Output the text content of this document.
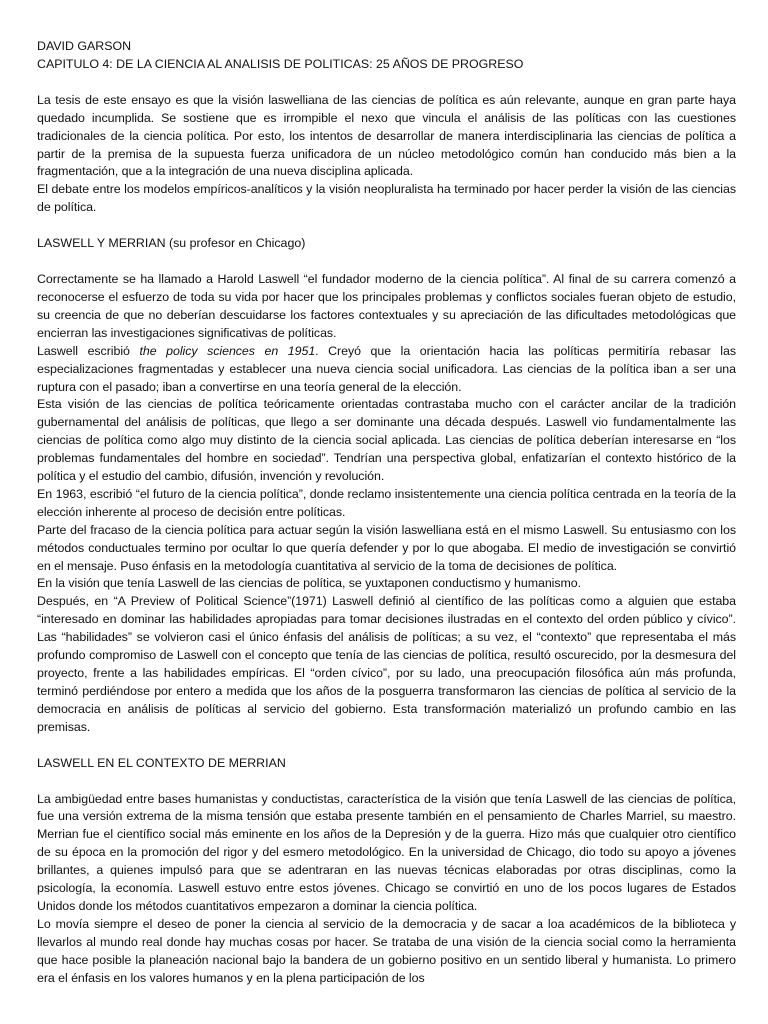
DAVID GARSON
CAPITULO 4: DE LA CIENCIA AL ANALISIS DE POLITICAS: 25 AÑOS DE PROGRESO

La tesis de este ensayo es que la visión laswelliana de las ciencias de política es aún relevante, aunque en gran parte haya quedado incumplida. Se sostiene que es irrompible el nexo que vincula el análisis de las políticas con las cuestiones tradicionales de la ciencia política. Por esto, los intentos de desarrollar de manera interdisciplinaria las ciencias de política a partir de la premisa de la supuesta fuerza unificadora de un núcleo metodológico común han conducido más bien a la fragmentación, que a la integración de una nueva disciplina aplicada.

El debate entre los modelos empíricos-analíticos y la visión neopluralista ha terminado por hacer perder la visión de las ciencias de política.

LASWELL Y MERRIAN (su profesor en Chicago)

Correctamente se ha llamado a Harold Laswell “el fundador moderno de la ciencia política”. Al final de su carrera comenzó a reconocerse el esfuerzo de toda su vida por hacer que los principales problemas y conflictos sociales fueran objeto de estudio, su creencia de que no deberían descuidarse los factores contextuales y su apreciación de las dificultades metodológicas que encierran las investigaciones significativas de políticas.

Laswell escribió the policy sciences en 1951. Creyó que la orientación hacia las políticas permitiría rebasar las especializaciones fragmentadas y establecer una nueva ciencia social unificadora. Las ciencias de la política iban a ser una ruptura con el pasado; iban a convertirse en una teoría general de la elección.

Esta visión de las ciencias de política teóricamente orientadas contrastaba mucho con el carácter ancilar de la tradición gubernamental del análisis de políticas, que llego a ser dominante una década después. Laswell vio fundamentalmente las ciencias de política como algo muy distinto de la ciencia social aplicada. Las ciencias de política deberían interesarse en “los problemas fundamentales del hombre en sociedad”. Tendrían una perspectiva global, enfatizarían el contexto histórico de la política y el estudio del cambio, difusión, invención y revolución.

En 1963, escribió “el futuro de la ciencia política”, donde reclamo insistentemente una ciencia política centrada en la teoría de la elección inherente al proceso de decisión entre políticas.

Parte del fracaso de la ciencia política para actuar según la visión laswelliana está en el mismo Laswell. Su entusiasmo con los métodos conductuales termino por ocultar lo que quería defender y por lo que abogaba. El medio de investigación se convirtió en el mensaje. Puso énfasis en la metodología cuantitativa al servicio de la toma de decisiones de política.

En la visión que tenía Laswell de las ciencias de política, se yuxtaponen conductismo y humanismo.

Después, en “A Preview of Political Science”(1971) Laswell definió al científico de las políticas como a alguien que estaba “interesado en dominar las habilidades apropiadas para tomar decisiones ilustradas en el contexto del orden público y cívico”. Las “habilidades” se volvieron casi el único énfasis del análisis de políticas; a su vez, el “contexto” que representaba el más profundo compromiso de Laswell con el concepto que tenía de las ciencias de política, resultó oscurecido, por la desmesura del proyecto, frente a las habilidades empíricas. El “orden cívico”, por su lado, una preocupación filosófica aún más profunda, terminó perdiéndose por entero a medida que los años de la posguerra transformaron las ciencias de política al servicio de la democracia en análisis de políticas al servicio del gobierno. Esta transformación materializó un profundo cambio en las premisas.

LASWELL EN EL CONTEXTO DE MERRIAN

La ambigüedad entre bases humanistas y conductistas, característica de la visión que tenía Laswell de las ciencias de política, fue una versión extrema de la misma tensión que estaba presente también en el pensamiento de Charles Marriel, su maestro. Merrian fue el científico social más eminente en los años de la Depresión y de la guerra. Hizo más que cualquier otro científico de su época en la promoción del rigor y del esmero metodológico. En la universidad de Chicago, dio todo su apoyo a jóvenes brillantes, a quienes impulsó para que se adentraran en las nuevas técnicas elaboradas por otras disciplinas, como la psicología, la economía. Laswell estuvo entre estos jóvenes. Chicago se convirtió en uno de los pocos lugares de Estados Unidos donde los métodos cuantitativos empezaron a dominar la ciencia política.

Lo movía siempre el deseo de poner la ciencia al servicio de la democracia y de sacar a loa académicos de la biblioteca y llevarlos al mundo real donde hay muchas cosas por hacer. Se trataba de una visión de la ciencia social como la herramienta que hace posible la planeación nacional bajo la bandera de un gobierno positivo en un sentido liberal y humanista. Lo primero era el énfasis en los valores humanos y en la plena participación de los
